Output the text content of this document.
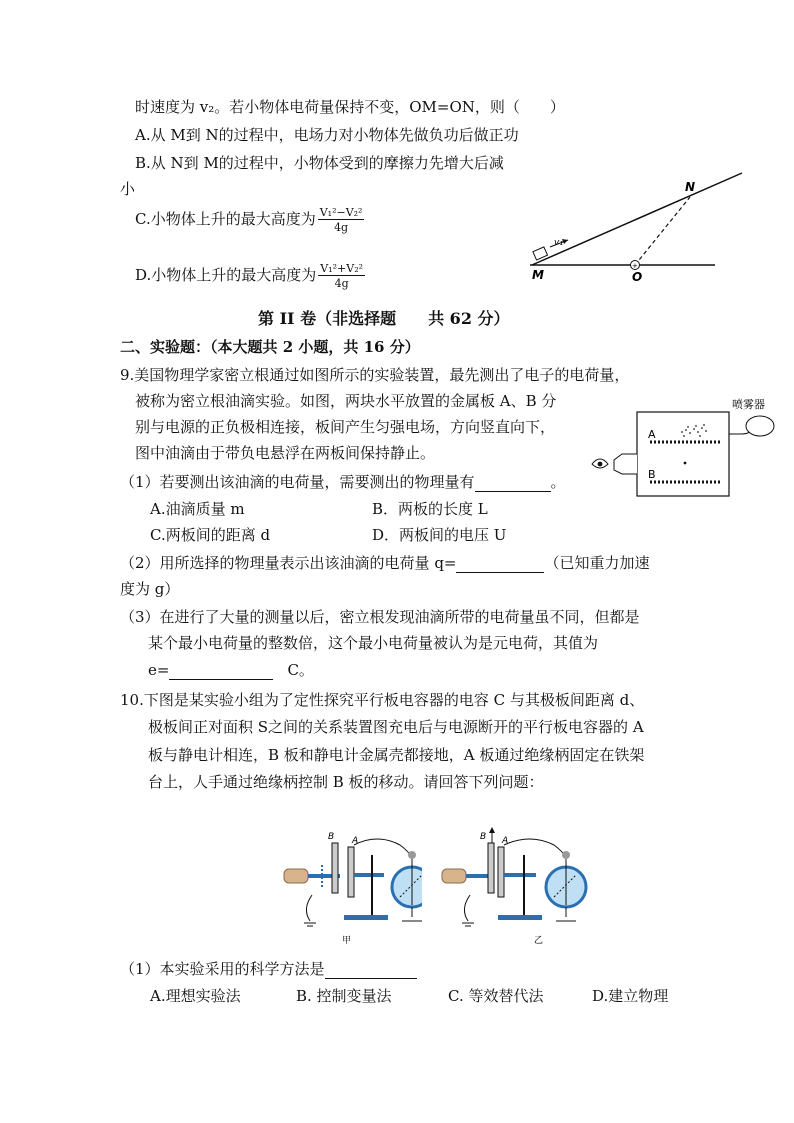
时速度为 v₂。若小物体电荷量保持不变，OM=ON，则（　　）
A.从 M到 N的过程中，电场力对小物体先做负功后做正功
B.从 N到 M的过程中，小物体受到的摩擦力先增大后减
小
C.小物体上升的最大高度为 $\frac{\text{V₁²−V₂²}}{4g}$
D.小物体上升的最大高度为 $\frac{\text{V₁²+V₂²}}{4g}$	+
N
M	O
v₁
第 II 卷（非选择题　　共 62 分）
二、实验题：（本大题共 2 小题，共 16 分）
9.美国物理学家密立根通过如图所示的实验装置，最先测出了电子的电荷量，
被称为密立根油滴实验。如图，两块水平放置的金属板 A、B 分
别与电源的正负极相连接，板间产生匀强电场，方向竖直向下，
图中油滴由于带负电悬浮在两板间保持静止。
（1）若要测出该油滴的电荷量，需要测出的物理量有	。
A.油滴质量 m	B．两板的长度 L
C.两板间的距离 d	D．两板间的电压 U
（2）用所选择的物理量表示出该油滴的电荷量 q=	（已知重力加速
度为 g）
（3）在进行了大量的测量以后，密立根发现油滴所带的电荷量虽不同，但都是
某个最小电荷量的整数倍，这个最小电荷量被认为是元电荷，其值为
e=	C。
喷雾器
A
B
10.下图是某实验小组为了定性探究平行板电容器的电容 C 与其极板间距离 d、
极板间正对面积 S之间的关系装置图充电后与电源断开的平行板电容器的 A
板与静电计相连，B 板和静电计金属壳都接地，A 板通过绝缘柄固定在铁架
台上，人手通过绝缘柄控制 B 板的移动。请回答下列问题：
B A
甲
B A
乙
（1）本实验采用的科学方法是
A.理想实验法	B. 控制变量法	C. 等效替代法	D.建立物理
